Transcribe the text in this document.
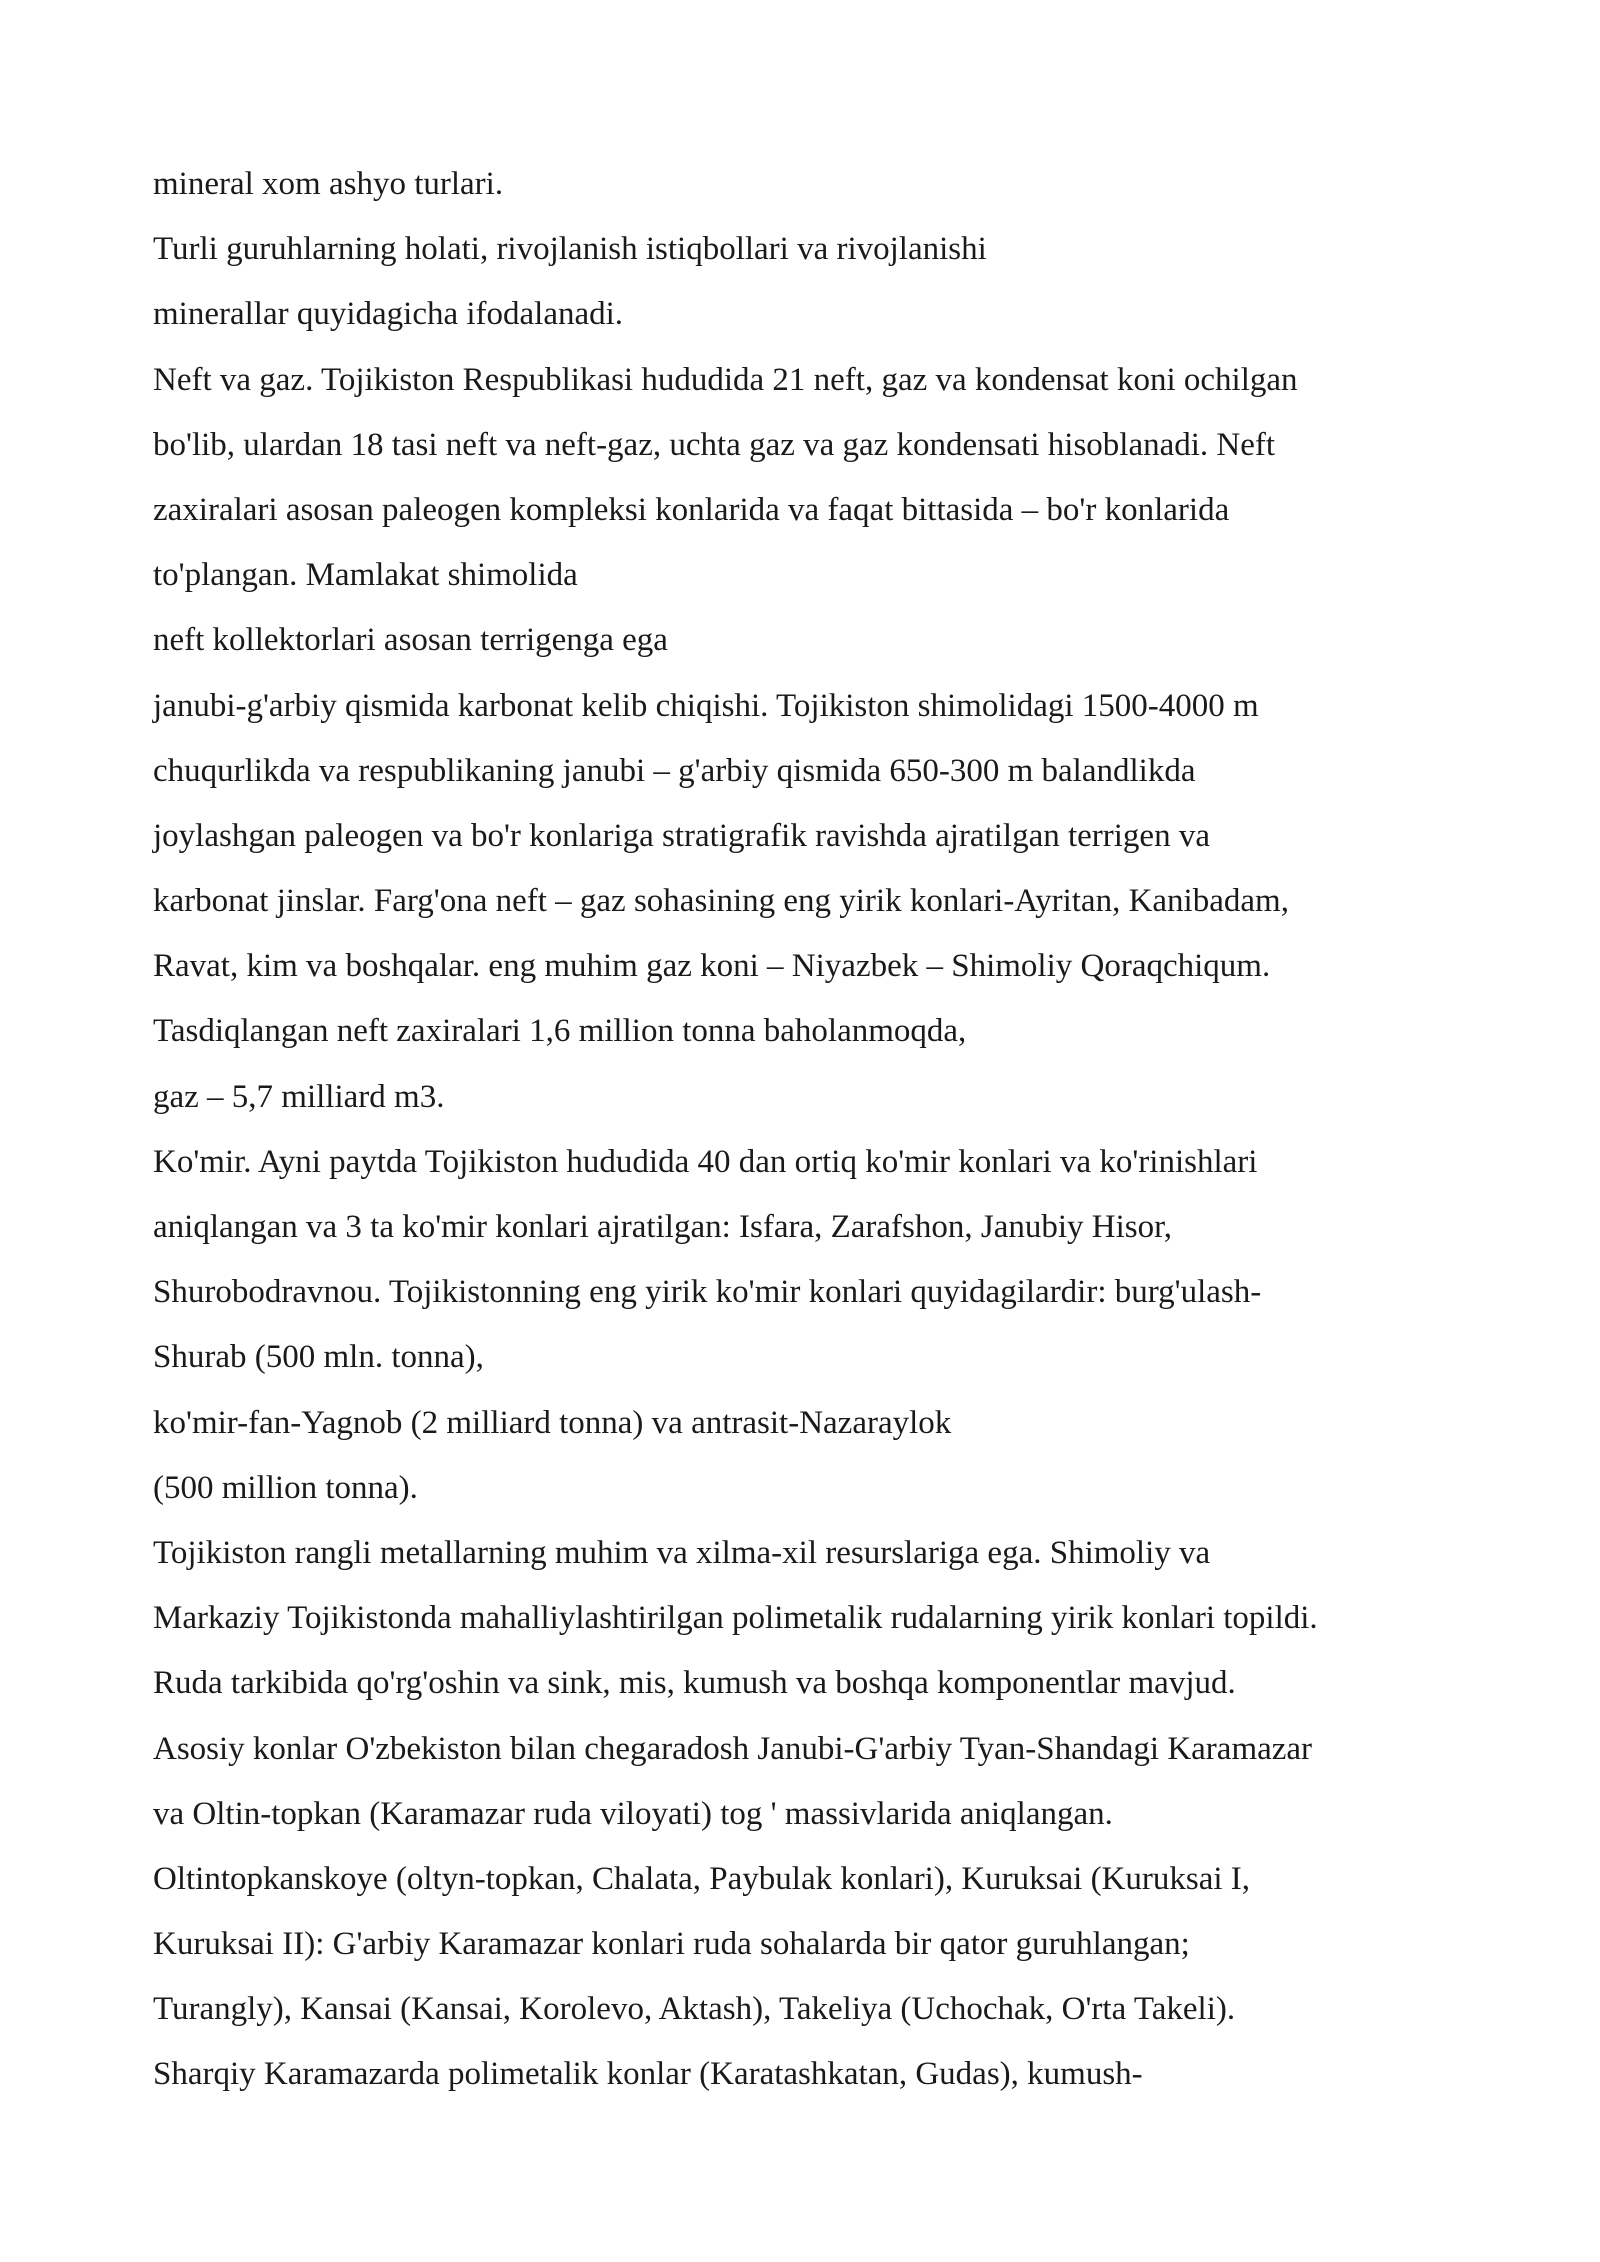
mineral xom ashyo turlari.
Turli guruhlarning holati, rivojlanish istiqbollari va rivojlanishi
minerallar quyidagicha ifodalanadi.
Neft va gaz. Tojikiston Respublikasi hududida 21 neft, gaz va kondensat koni ochilgan
bo'lib, ulardan 18 tasi neft va neft-gaz, uchta gaz va gaz kondensati hisoblanadi. Neft
zaxiralari asosan paleogen kompleksi konlarida va faqat bittasida – bo'r konlarida
to'plangan. Mamlakat shimolida
neft kollektorlari asosan terrigenga ega
janubi-g'arbiy qismida karbonat kelib chiqishi. Tojikiston shimolidagi 1500-4000 m
chuqurlikda va respublikaning janubi – g'arbiy qismida 650-300 m balandlikda
joylashgan paleogen va bo'r konlariga stratigrafik ravishda ajratilgan terrigen va
karbonat jinslar. Farg'ona neft – gaz sohasining eng yirik konlari-Ayritan, Kanibadam,
Ravat, kim va boshqalar. eng muhim gaz koni – Niyazbek – Shimoliy Qoraqchiqum.
Tasdiqlangan neft zaxiralari 1,6 million tonna baholanmoqda,
gaz – 5,7 milliard m3.
Ko'mir. Ayni paytda Tojikiston hududida 40 dan ortiq ko'mir konlari va ko'rinishlari
aniqlangan va 3 ta ko'mir konlari ajratilgan: Isfara, Zarafshon, Janubiy Hisor,
Shurobodravnou. Tojikistonning eng yirik ko'mir konlari quyidagilardir: burg'ulash-
Shurab (500 mln. tonna),
ko'mir-fan-Yagnob (2 milliard tonna) va antrasit-Nazaraylok
(500 million tonna).
Tojikiston rangli metallarning muhim va xilma-xil resurslariga ega. Shimoliy va
Markaziy Tojikistonda mahalliylashtirilgan polimetalik rudalarning yirik konlari topildi.
Ruda tarkibida qo'rg'oshin va sink, mis, kumush va boshqa komponentlar mavjud.
Asosiy konlar O'zbekiston bilan chegaradosh Janubi-G'arbiy Tyan-Shandagi Karamazar
va Oltin-topkan (Karamazar ruda viloyati) tog ' massivlarida aniqlangan.
Oltintopkanskoye (oltyn-topkan, Chalata, Paybulak konlari), Kuruksai (Kuruksai I,
Kuruksai II): G'arbiy Karamazar konlari ruda sohalarda bir qator guruhlangan;
Turangly), Kansai (Kansai, Korolevo, Aktash), Takeliya (Uchochak, O'rta Takeli).
Sharqiy Karamazarda polimetalik konlar (Karatashkatan, Gudas), kumush-
